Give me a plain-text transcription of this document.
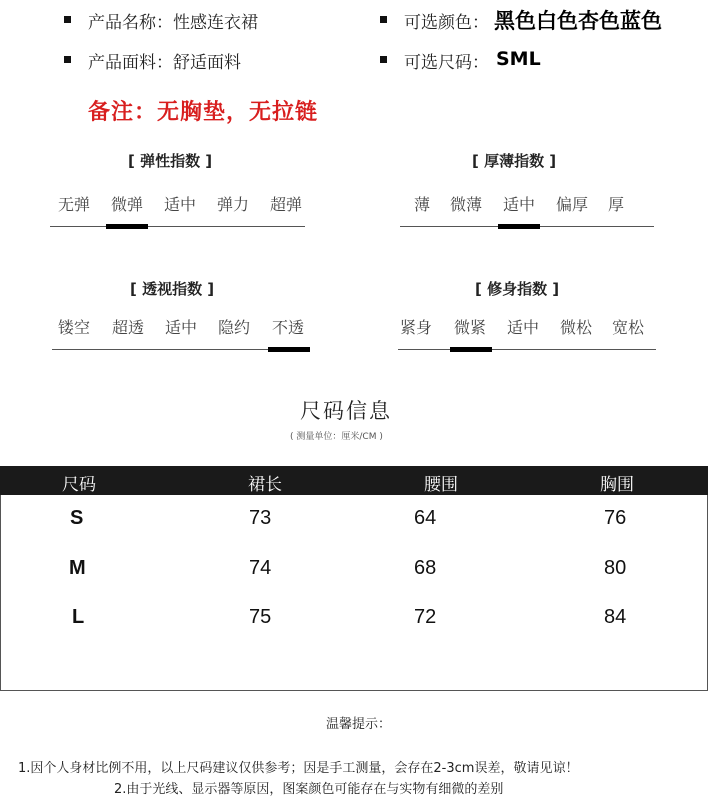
产品名称：性感连衣裙	可选颜色： 黑色白色杏色蓝色
产品面料：舒适面料	可选尺码： SML
备注：无胸垫，无拉链
[ 弹性指数 ]
无弹	微弹	适中	弹力	超弹
[ 厚薄指数 ]
薄	微薄	适中	偏厚	厚
[ 透视指数 ]
镂空	超透	适中	隐约	不透
[ 修身指数 ]
紧身	微紧	适中	微松	宽松
尺码信息
( 测量单位：厘米/CM )
尺码	裙长	腰围	胸围
S	73	64	76
M	74	68	80
L	75	72	84
温馨提示：
1.因个人身材比例不用，以上尺码建议仅供参考；因是手工测量，会存在2-3cm误差，敬请见谅！
2.由于光线、显示器等原因，图案颜色可能存在与实物有细微的差别
